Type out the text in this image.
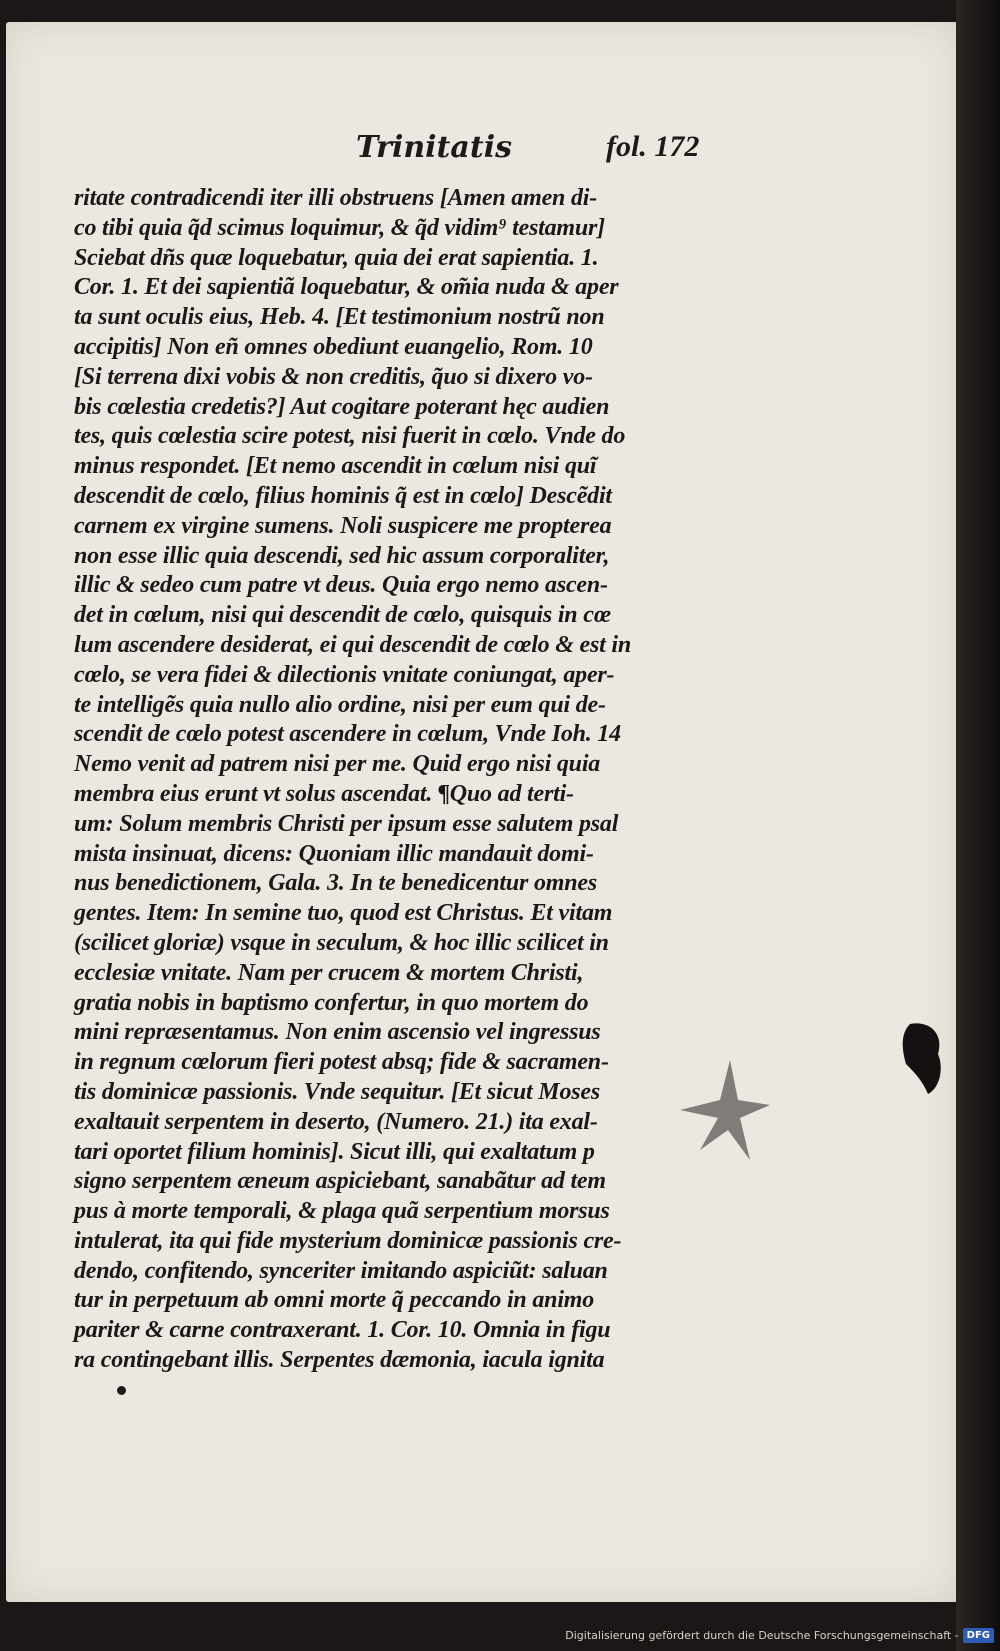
Trinitatis	fol. 172
ritate contradicendi iter illi obstruens [Amen amen di-
co tibi quia q̃d scimus loquimur, & q̃d vidim⁹ testamur]
Sciebat dñs quæ loquebatur, quia dei erat sapientia. 1.
Cor. 1. Et dei sapientiã loquebatur, & om̃ia nuda & aper
ta sunt oculis eius, Heb. 4. [Et testimonium nostrũ non
accipitis] Non eñ omnes obediunt euangelio, Rom. 10
[Si terrena dixi vobis & non creditis, q̃uo si dixero vo-
bis cœlestia credetis?] Aut cogitare poterant hęc audien
tes, quis cœlestia scire potest, nisi fuerit in cœlo. Vnde do
minus respondet. [Et nemo ascendit in cœlum nisi quĩ
descendit de cœlo, filius hominis q̃ est in cœlo] Descẽdit
carnem ex virgine sumens. Noli suspicere me propterea
non esse illic quia descendi, sed hic assum corporaliter,
illic & sedeo cum patre vt deus. Quia ergo nemo ascen-
det in cœlum, nisi qui descendit de cœlo, quisquis in cœ
lum ascendere desiderat, ei qui descendit de cœlo & est in
cœlo, se vera fidei & dilectionis vnitate coniungat, aper-
te intelligẽs quia nullo alio ordine, nisi per eum qui de-
scendit de cœlo potest ascendere in cœlum, Vnde Ioh. 14
Nemo venit ad patrem nisi per me. Quid ergo nisi quia
membra eius erunt vt solus ascendat. ¶Quo ad terti-
um: Solum membris Christi per ipsum esse salutem psal
mista insinuat, dicens: Quoniam illic mandauit domi-
nus benedictionem, Gala. 3. In te benedicentur omnes
gentes. Item: In semine tuo, quod est Christus. Et vitam
(scilicet gloriæ) vsque in seculum, & hoc illic scilicet in
ecclesiæ vnitate. Nam per crucem & mortem Christi,
gratia nobis in baptismo confertur, in quo mortem do
mini repræsentamus. Non enim ascensio vel ingressus
in regnum cœlorum fieri potest absq; fide & sacramen-
tis dominicæ passionis. Vnde sequitur. [Et sicut Moses
exaltauit serpentem in deserto, (Numero. 21.) ita exal-
tari oportet filium hominis]. Sicut illi, qui exaltatum p
signo serpentem æneum aspiciebant, sanabãtur ad tem
pus à morte temporali, & plaga quã serpentium morsus
intulerat, ita qui fide mysterium dominicæ passionis cre-
dendo, confitendo, synceriter imitando aspiciũt: saluan
tur in perpetuum ab omni morte q̃ peccando in animo
pariter & carne contraxerant. 1. Cor. 10. Omnia in figu
ra contingebant illis. Serpentes dæmonia, iacula ignita
Digitalisierung gefördert durch die Deutsche Forschungsgemeinschaft - DFG
